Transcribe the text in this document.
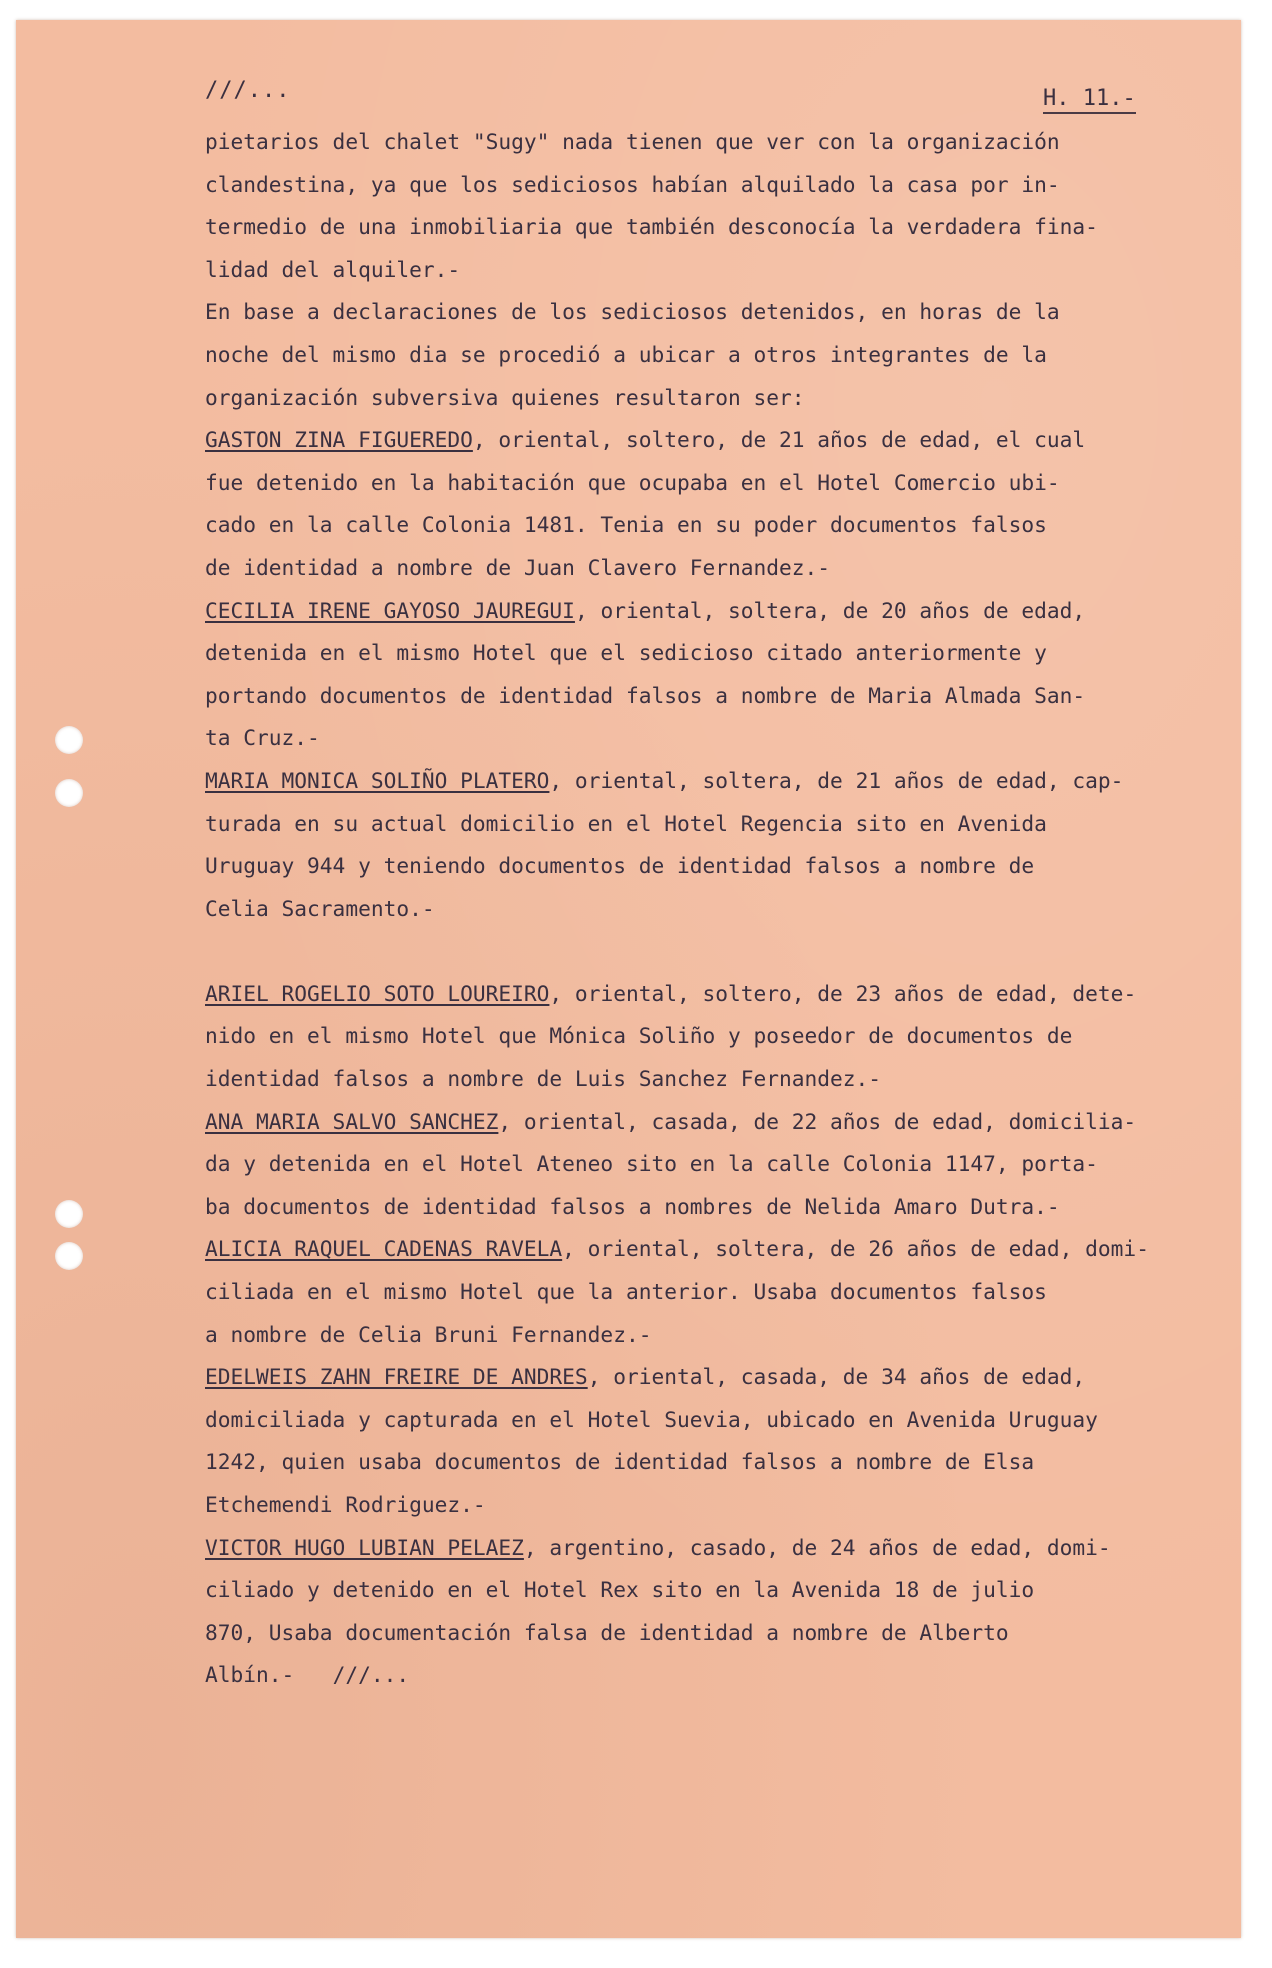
///...	H. 11.-
pietarios del chalet "Sugy" nada tienen que ver con la organización
clandestina, ya que los sediciosos habían alquilado la casa por in-
termedio de una inmobiliaria que también desconocía la verdadera fina-
lidad del alquiler.-
En base a declaraciones de los sediciosos detenidos, en horas de la
noche del mismo dia se procedió a ubicar a otros integrantes de la
organización subversiva quienes resultaron ser:
GASTON ZINA FIGUEREDO, oriental, soltero, de 21 años de edad, el cual
fue detenido en la habitación que ocupaba en el Hotel Comercio ubi-
cado en la calle Colonia 1481. Tenia en su poder documentos falsos
de identidad a nombre de Juan Clavero Fernandez.-
CECILIA IRENE GAYOSO JAUREGUI, oriental, soltera, de 20 años de edad,
detenida en el mismo Hotel que el sedicioso citado anteriormente y
portando documentos de identidad falsos a nombre de Maria Almada San-
ta Cruz.-
MARIA MONICA SOLIÑO PLATERO, oriental, soltera, de 21 años de edad, cap-
turada en su actual domicilio en el Hotel Regencia sito en Avenida
Uruguay 944 y teniendo documentos de identidad falsos a nombre de
Celia Sacramento.-
ARIEL ROGELIO SOTO LOUREIRO, oriental, soltero, de 23 años de edad, dete-
nido en el mismo Hotel que Mónica Soliño y poseedor de documentos de
identidad falsos a nombre de Luis Sanchez Fernandez.-
ANA MARIA SALVO SANCHEZ, oriental, casada, de 22 años de edad, domicilia-
da y detenida en el Hotel Ateneo sito en la calle Colonia 1147, porta-
ba documentos de identidad falsos a nombres de Nelida Amaro Dutra.-
ALICIA RAQUEL CADENAS RAVELA, oriental, soltera, de 26 años de edad, domi-
ciliada en el mismo Hotel que la anterior. Usaba documentos falsos
a nombre de Celia Bruni Fernandez.-
EDELWEIS ZAHN FREIRE DE ANDRES, oriental, casada, de 34 años de edad,
domiciliada y capturada en el Hotel Suevia, ubicado en Avenida Uruguay
1242, quien usaba documentos de identidad falsos a nombre de Elsa
Etchemendi Rodriguez.-
VICTOR HUGO LUBIAN PELAEZ, argentino, casado, de 24 años de edad, domi-
ciliado y detenido en el Hotel Rex sito en la Avenida 18 de julio
870, Usaba documentación falsa de identidad a nombre de Alberto
Albín.-   ///...
